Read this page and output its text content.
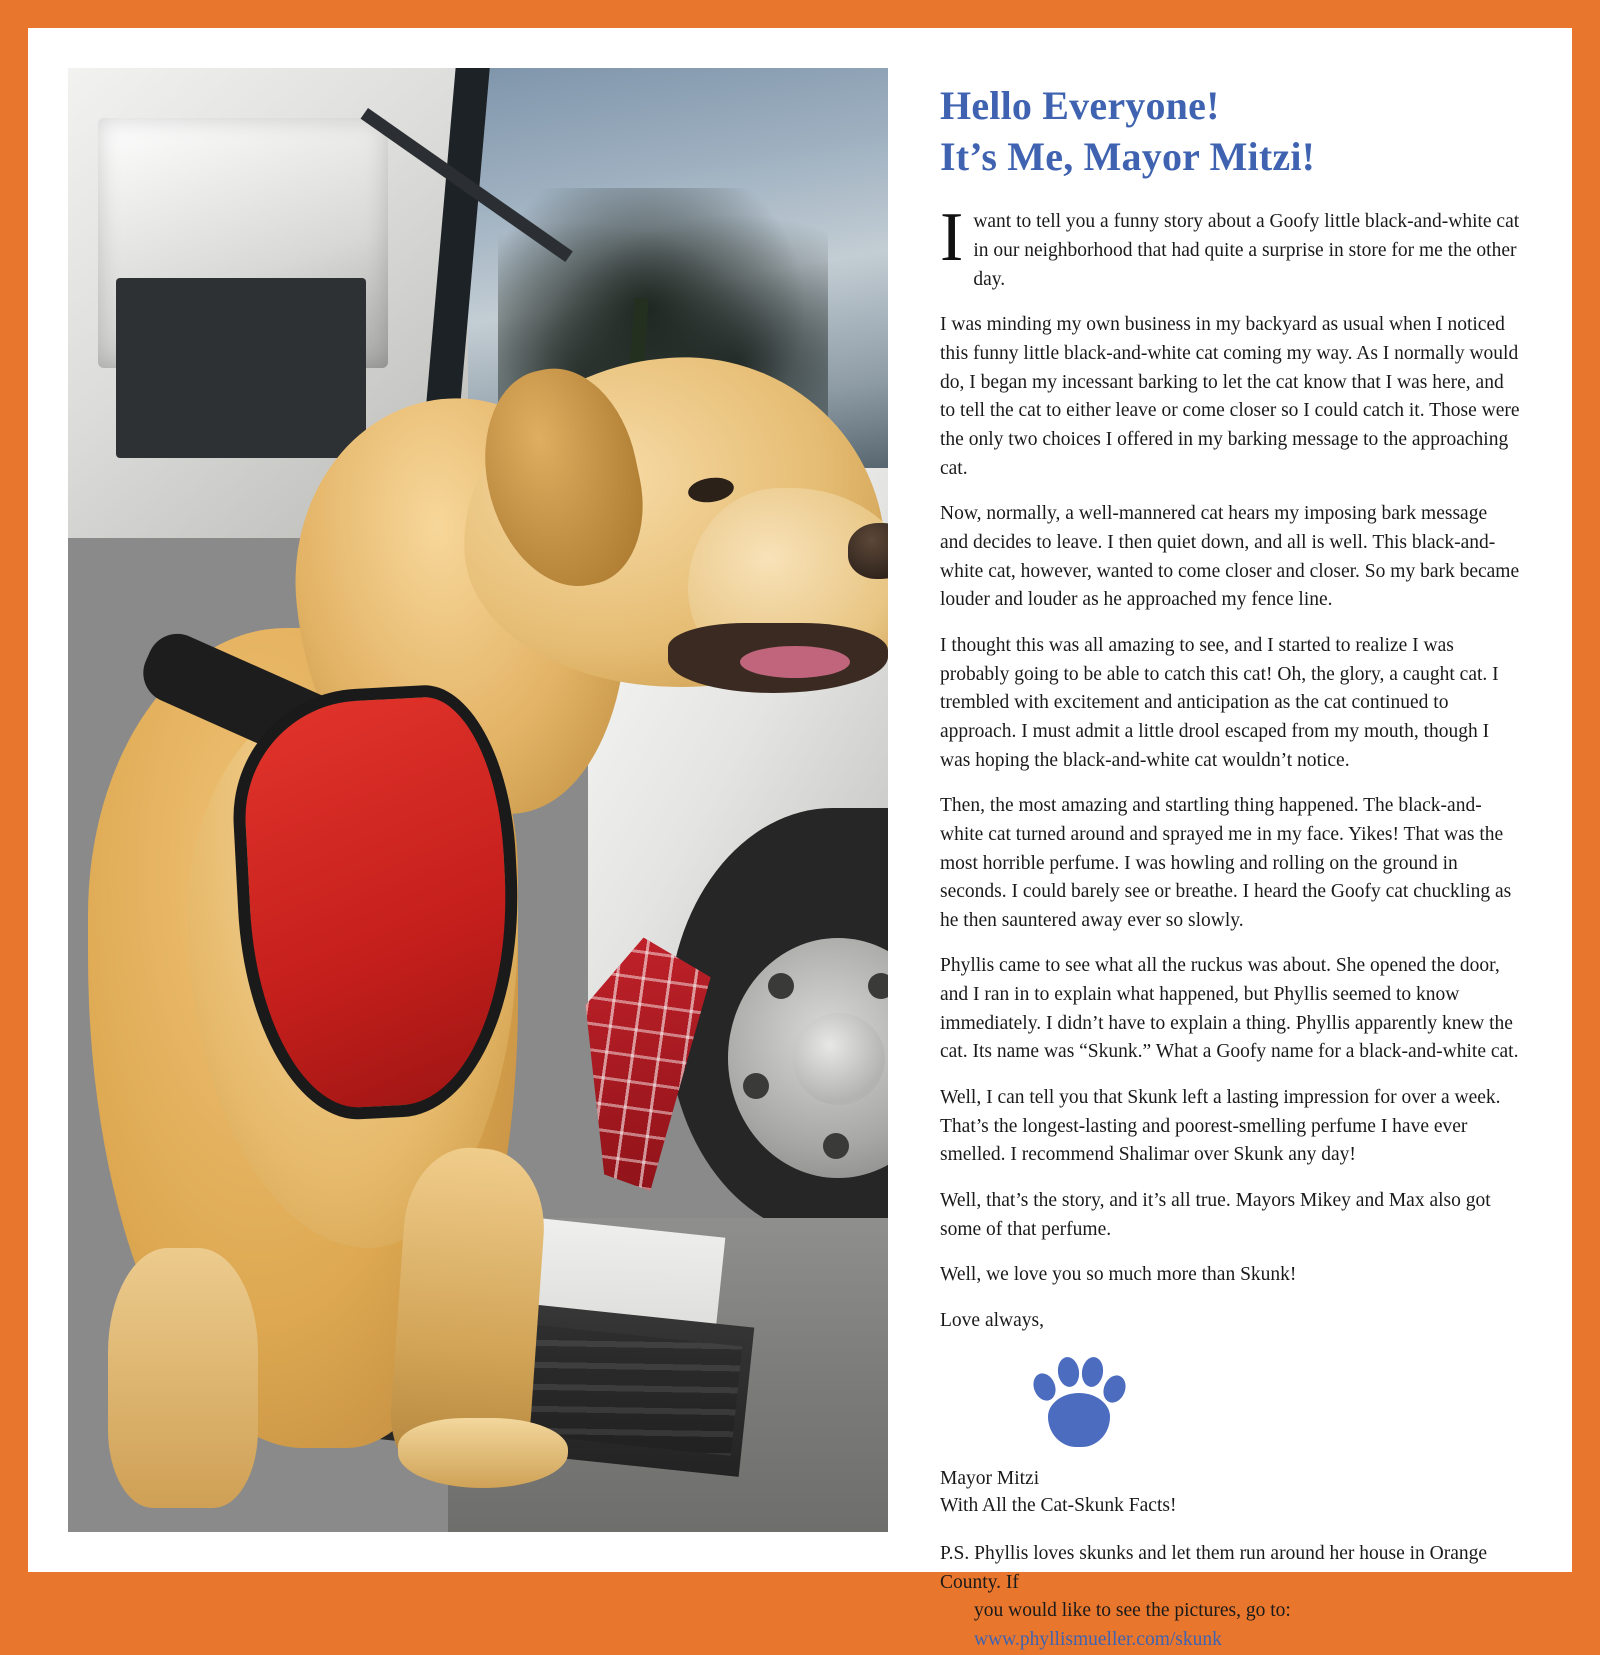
Hello Everyone!
It’s Me, Mayor Mitzi!

Iwant to tell you a funny story about a Goofy little black-and-white cat in our neighborhood that had quite a surprise in store for me the other day.

I was minding my own business in my backyard as usual when I noticed this funny little black-and-white cat coming my way. As I normally would do, I began my incessant barking to let the cat know that I was here, and to tell the cat to either leave or come closer so I could catch it. Those were the only two choices I offered in my barking message to the approaching cat.

Now, normally, a well-mannered cat hears my imposing bark message and decides to leave. I then quiet down, and all is well. This black-and-white cat, however, wanted to come closer and closer. So my bark became louder and louder as he approached my fence line.

I thought this was all amazing to see, and I started to realize I was probably going to be able to catch this cat! Oh, the glory, a caught cat. I trembled with excitement and anticipation as the cat continued to approach. I must admit a little drool escaped from my mouth, though I was hoping the black-and-white cat wouldn’t notice.

Then, the most amazing and startling thing happened. The black-and-white cat turned around and sprayed me in my face. Yikes! That was the most horrible perfume. I was howling and rolling on the ground in seconds. I could barely see or breathe. I heard the Goofy cat chuckling as he then sauntered away ever so slowly.

Phyllis came to see what all the ruckus was about. She opened the door, and I ran in to explain what happened, but Phyllis seemed to know immediately. I didn’t have to explain a thing. Phyllis apparently knew the cat. Its name was “Skunk.” What a Goofy name for a black-and-white cat.

Well, I can tell you that Skunk left a lasting impression for over a week. That’s the longest-lasting and poorest-smelling perfume I have ever smelled. I recommend Shalimar over Skunk any day!

Well, that’s the story, and it’s all true. Mayors Mikey and Max also got some of that perfume.

Well, we love you so much more than Skunk!

Love always,

Mayor Mitzi
With All the Cat-Skunk Facts!

P.S. Phyllis loves skunks and let them run around her house in Orange County. If
you would like to see the pictures, go to: www.phyllismueller.com/skunk
